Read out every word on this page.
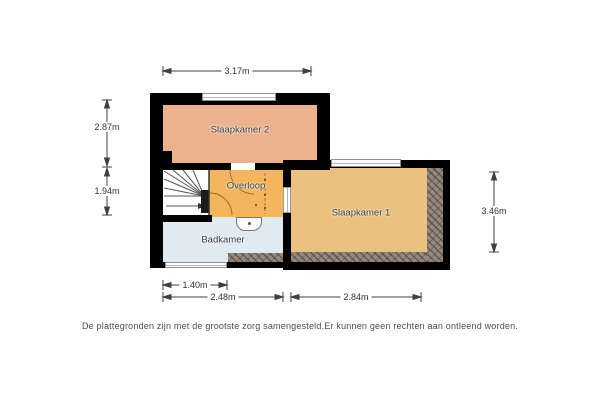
Slaapkamer 2
Overloop
Slaapkamer 1
Badkamer
3.17m
2.87m
1.94m
3.46m
1.40m
2.48m	2.84m
De plattegronden zijn met de grootste zorg samengesteld.Er kunnen geen rechten aan ontleend worden.
